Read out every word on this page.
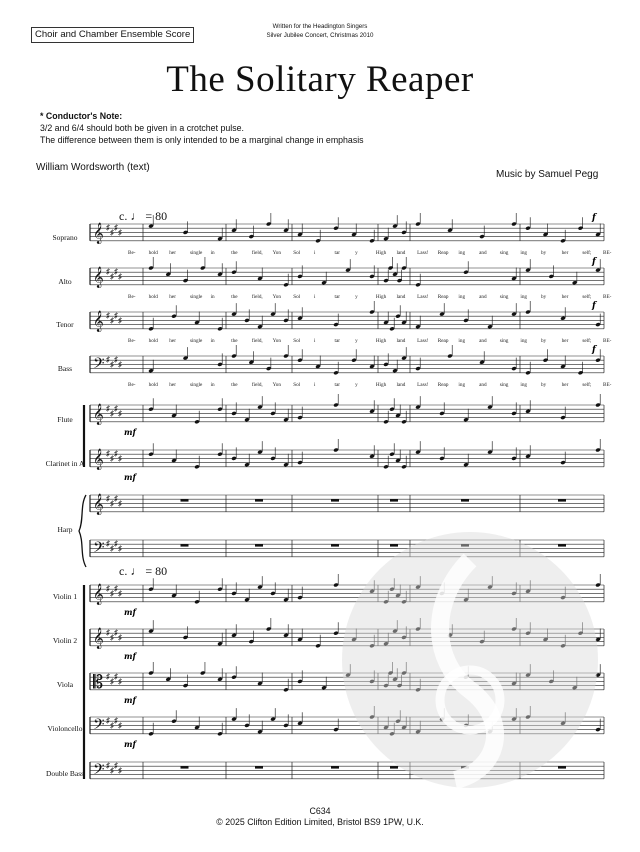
Choir and Chamber Ensemble Score
Written for the Headington Singers
Silver Jubilee Concert, Christmas 2010
The Solitary Reaper
* Conductor's Note:
3/2 and 6/4 should both be given in a crotchet pulse.
The difference between them is only intended to be a marginal change in emphasis
William Wordsworth (text)
Music by Samuel Pegg
c. ♩ = 80
c. ♩ = 80
Soprano
Alto
Tenor
Bass
Flute
Clarinet in A
Harp
Violin 1
Violin 2
Viola
Violoncello
Double Bass
𝄞 ♯
♯
♯
♯
𝄞 ♯
♯
♯
♯
𝄞 ♯
♯
♯
♯
𝄢 ♯
♯
♯
♯
𝄞 ♯
♯
♯
♯
𝄞 ♯
♯
♯
♯
𝄞 ♯
♯
♯
♯
𝄢 ♯
♯
♯
♯
𝄞 ♯
♯
♯
♯
𝄞 ♯
♯
♯
♯
𝄡 ♯
♯
♯
♯
𝄢 ♯
♯
♯
♯
𝄢 ♯
♯
♯
♯
Be-	hold her	single in	the	field, Yon Sol	i	tar	y	High land Lass! Reap ing	and	sing ing	by	her	self; BE-
f
Be-	hold her	single in	the	field, Yon Sol	i	tar	y	High land Lass! Reap ing	and	sing ing	by	her	self; BE-
f
Be-	hold her	single in	the	field, Yon Sol	i	tar	y	High land Lass! Reap ing	and	sing ing	by	her	self; BE-
f
Be-	hold her	single in	the	field, Yon Sol	i	tar	y	High land Lass! Reap ing	and	sing ing	by	her	self; BE-
f
mf
mf
mf
mf
mf
mf
C634
© 2025 Clifton Edition Limited, Bristol BS9 1PW, U.K.
